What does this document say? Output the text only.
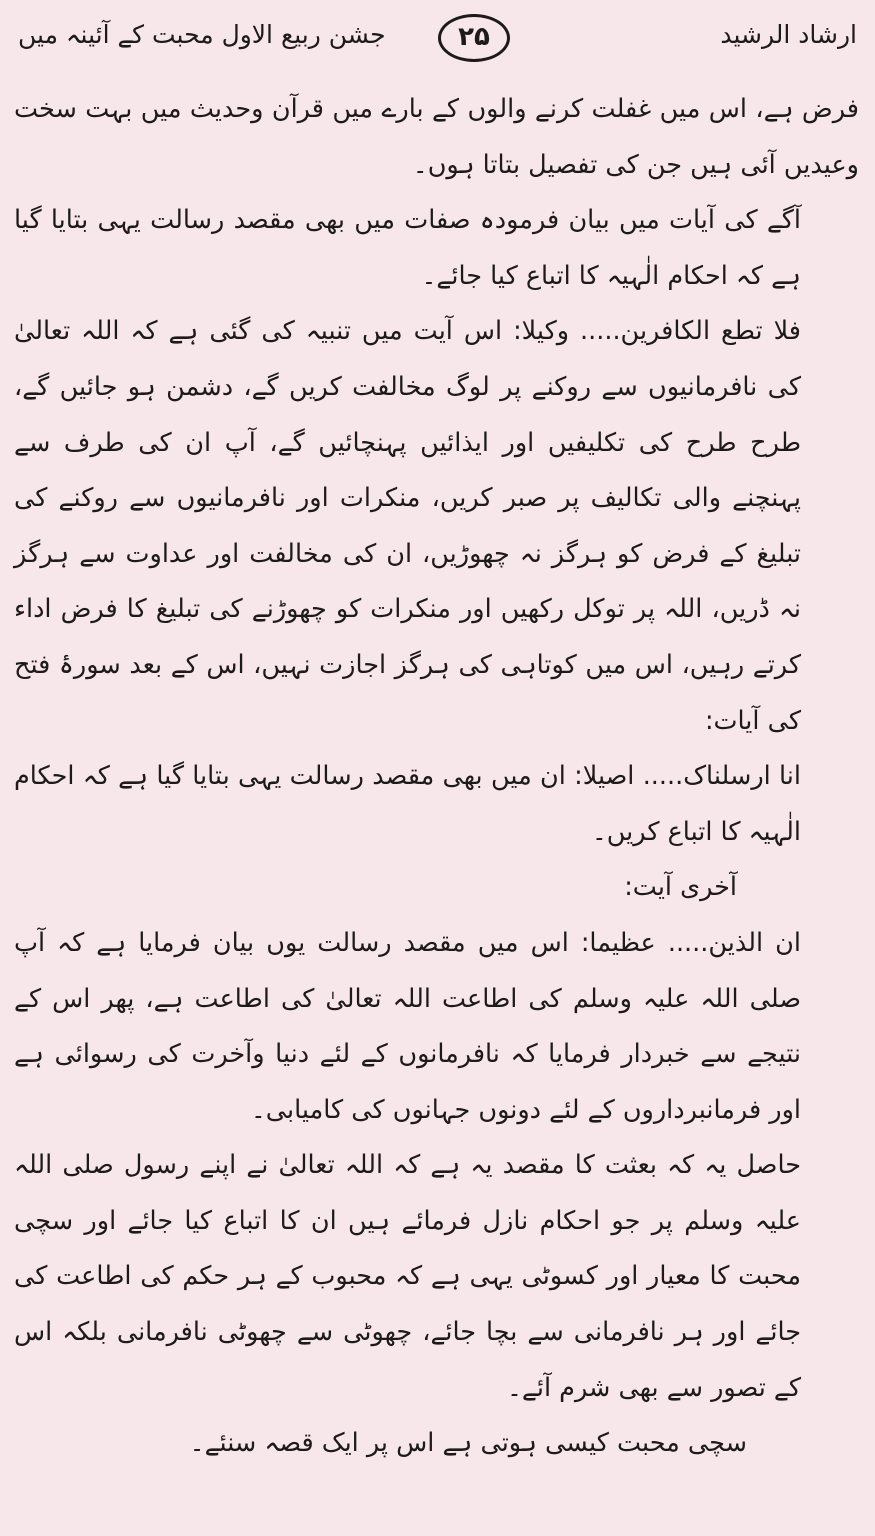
ارشاد الرشید
۲۵
جشن ربیع الاول محبت کے آئینہ میں

فرض ہے، اس میں غفلت کرنے والوں کے بارے میں قرآن وحدیث میں بہت سخت وعیدیں آئی ہیں جن کی تفصیل بتاتا ہوں۔

آگے کی آیات میں بیان فرمودہ صفات میں بھی مقصد رسالت یہی بتایا گیا ہے کہ احکام الٰہیہ کا اتباع کیا جائے۔

فلا تطع الکافرین..... وکیلا: اس آیت میں تنبیہ کی گئی ہے کہ اللہ تعالیٰ کی نافرمانیوں سے روکنے پر لوگ مخالفت کریں گے، دشمن ہو جائیں گے، طرح طرح کی تکلیفیں اور ایذائیں پہنچائیں گے، آپ ان کی طرف سے پہنچنے والی تکالیف پر صبر کریں، منکرات اور نافرمانیوں سے روکنے کی تبلیغ کے فرض کو ہرگز نہ چھوڑیں، ان کی مخالفت اور عداوت سے ہرگز نہ ڈریں، اللہ پر توکل رکھیں اور منکرات کو چھوڑنے کی تبلیغ کا فرض اداء کرتے رہیں، اس میں کوتاہی کی ہرگز اجازت نہیں، اس کے بعد سورۂ فتح کی آیات:

انا ارسلناک..... اصیلا: ان میں بھی مقصد رسالت یہی بتایا گیا ہے کہ احکام الٰہیہ کا اتباع کریں۔

آخری آیت:

ان الذین..... عظیما: اس میں مقصد رسالت یوں بیان فرمایا ہے کہ آپ صلی اللہ علیہ وسلم کی اطاعت اللہ تعالیٰ کی اطاعت ہے، پھر اس کے نتیجے سے خبردار فرمایا کہ نافرمانوں کے لئے دنیا وآخرت کی رسوائی ہے اور فرمانبرداروں کے لئے دونوں جہانوں کی کامیابی۔

حاصل یہ کہ بعثت کا مقصد یہ ہے کہ اللہ تعالیٰ نے اپنے رسول صلی اللہ علیہ وسلم پر جو احکام نازل فرمائے ہیں ان کا اتباع کیا جائے اور سچی محبت کا معیار اور کسوٹی یہی ہے کہ محبوب کے ہر حکم کی اطاعت کی جائے اور ہر نافرمانی سے بچا جائے، چھوٹی سے چھوٹی نافرمانی بلکہ اس کے تصور سے بھی شرم آئے۔

سچی محبت کیسی ہوتی ہے اس پر ایک قصہ سنئے۔
